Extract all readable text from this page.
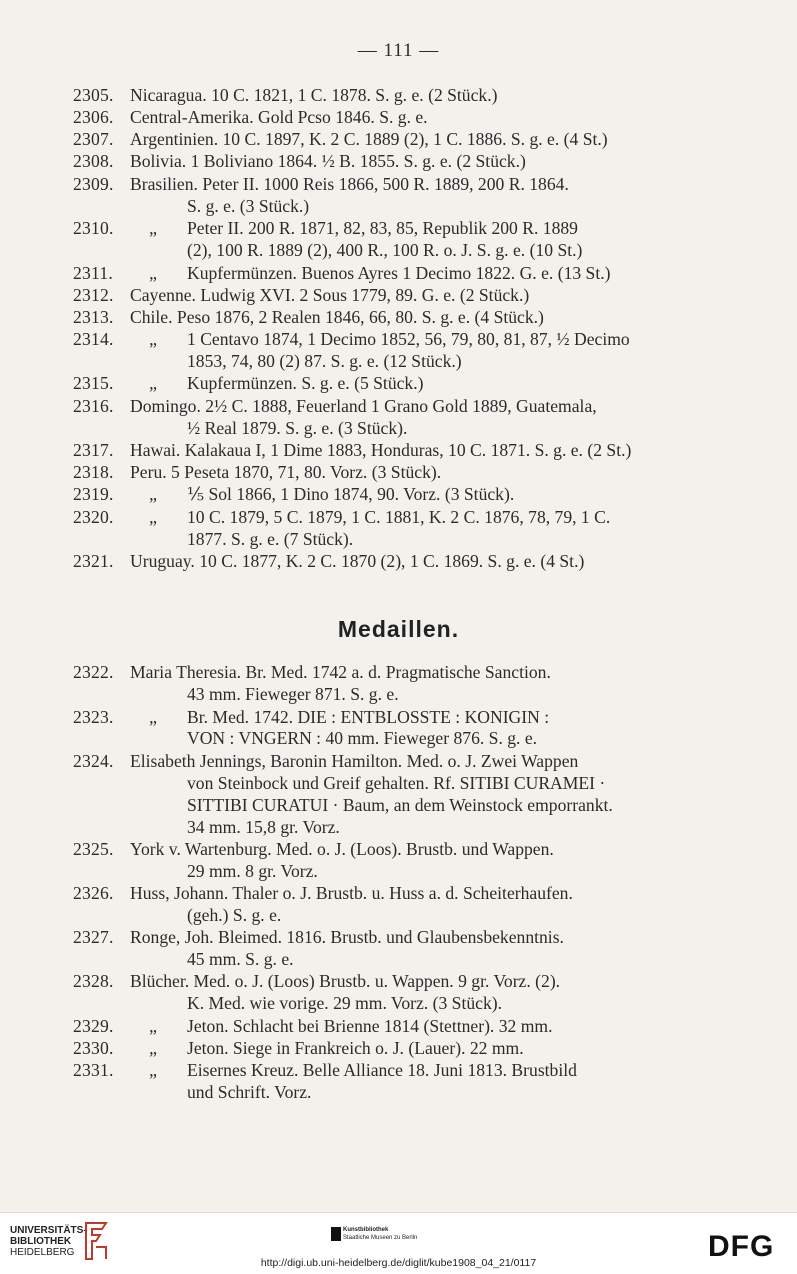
— 111 —
2305. Nicaragua. 10 C. 1821, 1 C. 1878. S. g. e. (2 Stück.)
2306. Central-Amerika. Gold Pcso 1846. S. g. e.
2307. Argentinien. 10 C. 1897, K. 2 C. 1889 (2), 1 C. 1886. S. g. e. (4 St.)
2308. Bolivia. 1 Boliviano 1864. ½ B. 1855. S. g. e. (2 Stück.)
2309. Brasilien. Peter II. 1000 Reis 1866, 500 R. 1889, 200 R. 1864.
S. g. e. (3 Stück.)
2310.	„	Peter II. 200 R. 1871, 82, 83, 85, Republik 200 R. 1889
(2), 100 R. 1889 (2), 400 R., 100 R. o. J. S. g. e. (10 St.)
2311.	„	Kupfermünzen. Buenos Ayres 1 Decimo 1822. G. e. (13 St.)
2312. Cayenne. Ludwig XVI. 2 Sous 1779, 89. G. e. (2 Stück.)
2313. Chile. Peso 1876, 2 Realen 1846, 66, 80. S. g. e. (4 Stück.)
2314.	„	1 Centavo 1874, 1 Decimo 1852, 56, 79, 80, 81, 87, ½ Decimo
1853, 74, 80 (2) 87. S. g. e. (12 Stück.)
2315.	„	Kupfermünzen. S. g. e. (5 Stück.)
2316. Domingo. 2½ C. 1888, Feuerland 1 Grano Gold 1889, Guatemala,
½ Real 1879. S. g. e. (3 Stück).
2317. Hawai. Kalakaua I, 1 Dime 1883, Honduras, 10 C. 1871. S. g. e. (2 St.)
2318. Peru. 5 Peseta 1870, 71, 80. Vorz. (3 Stück).
2319.	„	⅕ Sol 1866, 1 Dino 1874, 90. Vorz. (3 Stück).
2320.	„	10 C. 1879, 5 C. 1879, 1 C. 1881, K. 2 C. 1876, 78, 79, 1 C.
1877. S. g. e. (7 Stück).
2321. Uruguay. 10 C. 1877, K. 2 C. 1870 (2), 1 C. 1869. S. g. e. (4 St.)
2322. Maria Theresia. Br. Med. 1742 a. d. Pragmatische Sanction.
43 mm. Fieweger 871. S. g. e.
2323.	„	Br. Med. 1742. DIE : ENTBLOSSTE : KONIGIN :
VON : VNGERN : 40 mm. Fieweger 876. S. g. e.
2324. Elisabeth Jennings, Baronin Hamilton. Med. o. J. Zwei Wappen
von Steinbock und Greif gehalten. Rf. SITIBI CURAMEI ·
SITTIBI CURATUI · Baum, an dem Weinstock emporrankt.
34 mm. 15,8 gr. Vorz.
2325. York v. Wartenburg. Med. o. J. (Loos). Brustb. und Wappen.
29 mm. 8 gr. Vorz.
2326. Huss, Johann. Thaler o. J. Brustb. u. Huss a. d. Scheiterhaufen.
(geh.) S. g. e.
2327. Ronge, Joh. Bleimed. 1816. Brustb. und Glaubensbekenntnis.
45 mm. S. g. e.
2328. Blücher. Med. o. J. (Loos) Brustb. u. Wappen. 9 gr. Vorz. (2).
K. Med. wie vorige. 29 mm. Vorz. (3 Stück).
2329.	„	Jeton. Schlacht bei Brienne 1814 (Stettner). 32 mm.
2330.	„	Jeton. Siege in Frankreich o. J. (Lauer). 22 mm.
2331.	„	Eisernes Kreuz. Belle Alliance 18. Juni 1813. Brustbild
und Schrift. Vorz.
Medaillen.
UNIVERSITÄTS-
BIBLIOTHEK
HEIDELBERG
Kunstbibliothek
Staatliche Museen zu Berlin	DFG
http://digi.ub.uni-heidelberg.de/diglit/kube1908_04_21/0117
